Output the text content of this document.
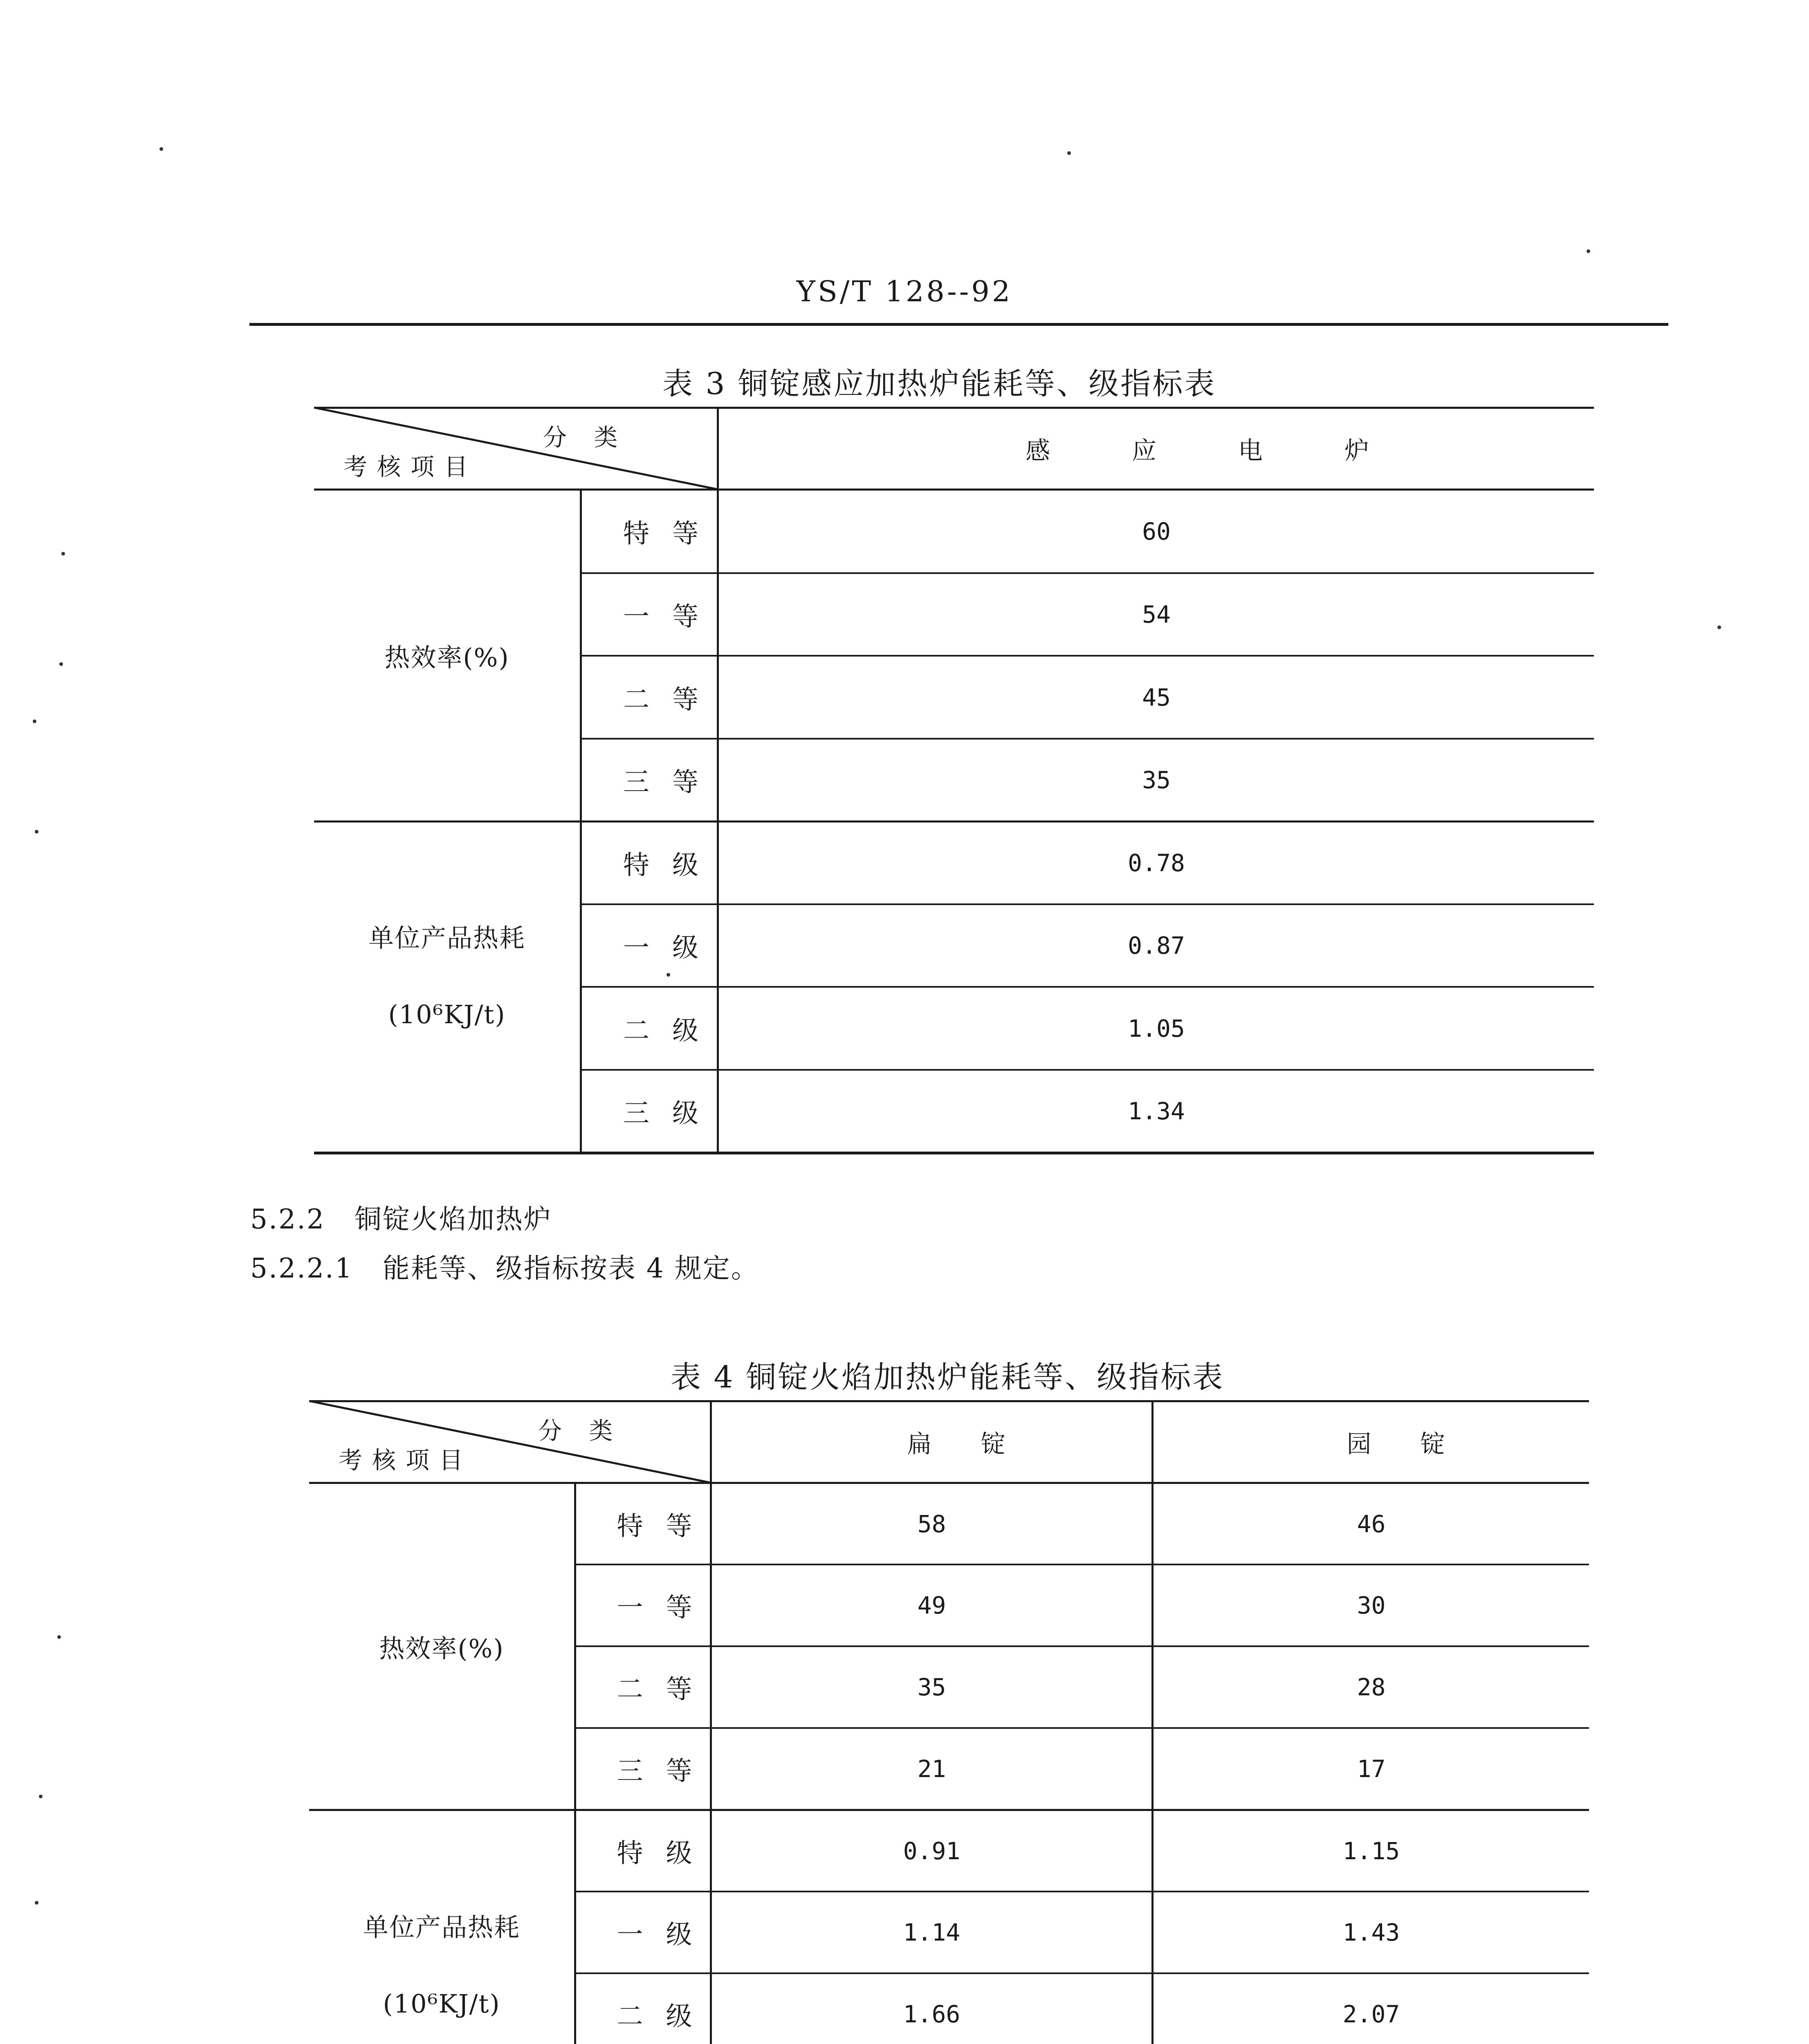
YS/T 128--92
表 3 铜锭感应加热炉能耗等、级指标表
分 类
考核项目
感应电炉
热效率(%)
特等	60
一等	54
二等	45
三等	35
单位产品热耗
(10⁶KJ/t)
特级	0.78
一级	0.87
二级	1.05
三级	1.34
5.2.2 铜锭火焰加热炉
5.2.2.1 能耗等、级指标按表 4 规定。
表 4 铜锭火焰加热炉能耗等、级指标表
分 类
考核项目
扁锭	园锭
热效率(%)
特等	58	46
一等	49	30
二等	35	28
三等	21	17
单位产品热耗
(10⁶KJ/t)
特级	0.91	1.15
一级	1.14	1.43
二级	1.66	2.07
